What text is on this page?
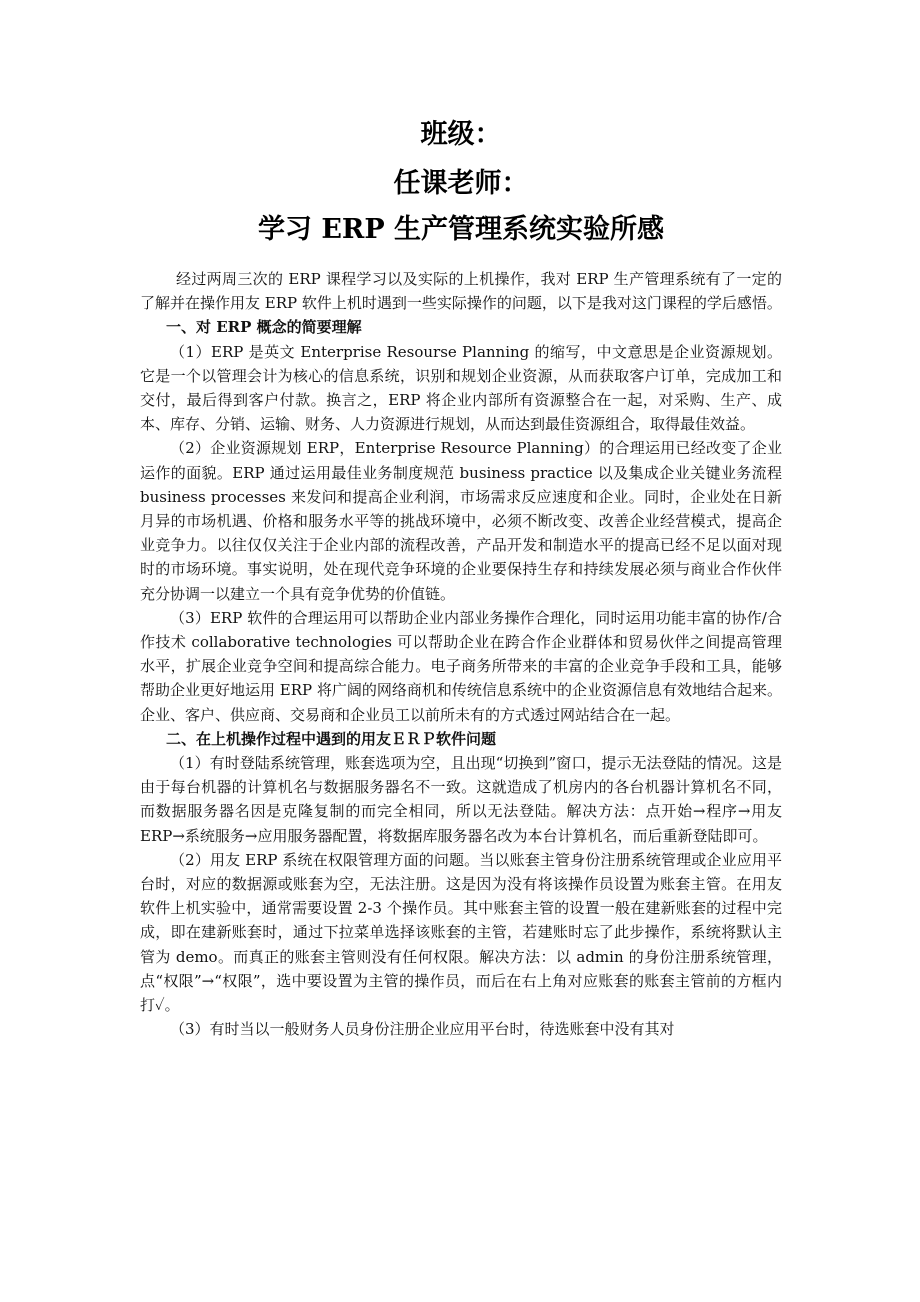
班级：
任课老师：
学习 ERP 生产管理系统实验所感

经过两周三次的 ERP 课程学习以及实际的上机操作，我对 ERP 生产管理系统有了一定的了解并在操作用友 ERP 软件上机时遇到一些实际操作的问题，以下是我对这门课程的学后感悟。

一、对 ERP 概念的简要理解

（1）ERP 是英文 Enterprise Resourse Planning 的缩写，中文意思是企业资源规划。它是一个以管理会计为核心的信息系统，识别和规划企业资源，从而获取客户订单，完成加工和交付，最后得到客户付款。换言之，ERP 将企业内部所有资源整合在一起，对采购、生产、成本、库存、分销、运输、财务、人力资源进行规划，从而达到最佳资源组合，取得最佳效益。

（2）企业资源规划 ERP，Enterprise Resource Planning）的合理运用已经改变了企业运作的面貌。ERP 通过运用最佳业务制度规范 business practice 以及集成企业关键业务流程 business processes 来发问和提高企业利润，市场需求反应速度和企业。同时，企业处在日新月异的市场机遇、价格和服务水平等的挑战环境中，必须不断改变、改善企业经营模式，提高企业竞争力。以往仅仅关注于企业内部的流程改善，产品开发和制造水平的提高已经不足以面对现时的市场环境。事实说明，处在现代竞争环境的企业要保持生存和持续发展必须与商业合作伙伴充分协调一以建立一个具有竞争优势的价值链。

（3）ERP 软件的合理运用可以帮助企业内部业务操作合理化，同时运用功能丰富的协作/合作技术 collaborative technologies 可以帮助企业在跨合作企业群体和贸易伙伴之间提高管理水平，扩展企业竞争空间和提高综合能力。电子商务所带来的丰富的企业竞争手段和工具，能够帮助企业更好地运用 ERP 将广阔的网络商机和传统信息系统中的企业资源信息有效地结合起来。企业、客户、供应商、交易商和企业员工以前所未有的方式透过网站结合在一起。

二、在上机操作过程中遇到的用友ＥＲＰ软件问题

（1）有时登陆系统管理，账套选项为空，且出现“切换到”窗口，提示无法登陆的情况。这是由于每台机器的计算机名与数据服务器名不一致。这就造成了机房内的各台机器计算机名不同，而数据服务器名因是克隆复制的而完全相同，所以无法登陆。解决方法：点开始→程序→用友 ERP→系统服务→应用服务器配置，将数据库服务器名改为本台计算机名，而后重新登陆即可。

（2）用友 ERP 系统在权限管理方面的问题。当以账套主管身份注册系统管理或企业应用平台时，对应的数据源或账套为空，无法注册。这是因为没有将该操作员设置为账套主管。在用友软件上机实验中，通常需要设置 2-3 个操作员。其中账套主管的设置一般在建新账套的过程中完成，即在建新账套时，通过下拉菜单选择该账套的主管，若建账时忘了此步操作，系统将默认主管为 demo。而真正的账套主管则没有任何权限。解决方法：以 admin 的身份注册系统管理，点“权限”→“权限”，选中要设置为主管的操作员，而后在右上角对应账套的账套主管前的方框内打✓。

（3）有时当以一般财务人员身份注册企业应用平台时，待选账套中没有其对
